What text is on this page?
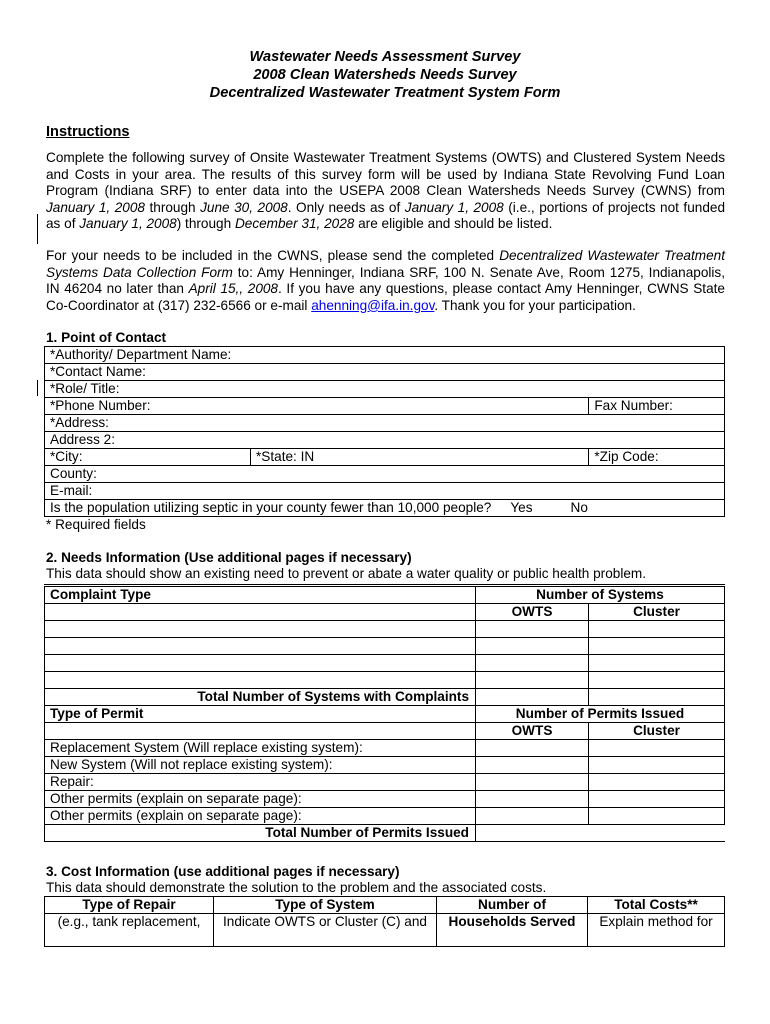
Wastewater Needs Assessment Survey
2008 Clean Watersheds Needs Survey
Decentralized Wastewater Treatment System Form
Instructions
Complete the following survey of Onsite Wastewater Treatment Systems (OWTS) and Clustered System Needs and Costs in your area. The results of this survey form will be used by Indiana State Revolving Fund Loan Program (Indiana SRF) to enter data into the USEPA 2008 Clean Watersheds Needs Survey (CWNS) from January 1, 2008 through June 30, 2008. Only needs as of January 1, 2008 (i.e., portions of projects not funded as of January 1, 2008) through December 31, 2028 are eligible and should be listed.
For your needs to be included in the CWNS, please send the completed Decentralized Wastewater Treatment Systems Data Collection Form to: Amy Henninger, Indiana SRF, 100 N. Senate Ave, Room 1275, Indianapolis, IN 46204 no later than April 15,, 2008. If you have any questions, please contact Amy Henninger, CWNS State Co-Coordinator at (317) 232-6566 or e-mail ahenning@ifa.in.gov. Thank you for your participation.
1. Point of Contact
*Authority/ Department Name:		
*Contact Name:		
*Role/ Title:		
*Phone Number:		Fax Number:
*Address:		
Address 2:		
*City:	*State: IN	*Zip Code:
County:		
E-mail:		
Is the population utilizing septic in your county fewer than 10,000 people? Yes No		
* Required fields
2. Needs Information (Use additional pages if necessary)
This data should show an existing need to prevent or abate a water quality or public health problem.
Complaint Type	Number of Systems	
	OWTS	Cluster

Total Number of Systems with Complaints		
Type of Permit	Number of Permits Issued	
	OWTS	Cluster
Replacement System (Will replace existing system):		
New System (Will not replace existing system):		
Repair:		
Other permits (explain on separate page):		
Other permits (explain on separate page):		
Total Number of Permits Issued		
3. Cost Information (use additional pages if necessary)
This data should demonstrate the solution to the problem and the associated costs.
Type of Repair	Type of System	Number of	Total Costs**
(e.g., tank replacement,	Indicate OWTS or Cluster (C) and	Households Served	Explain method for
